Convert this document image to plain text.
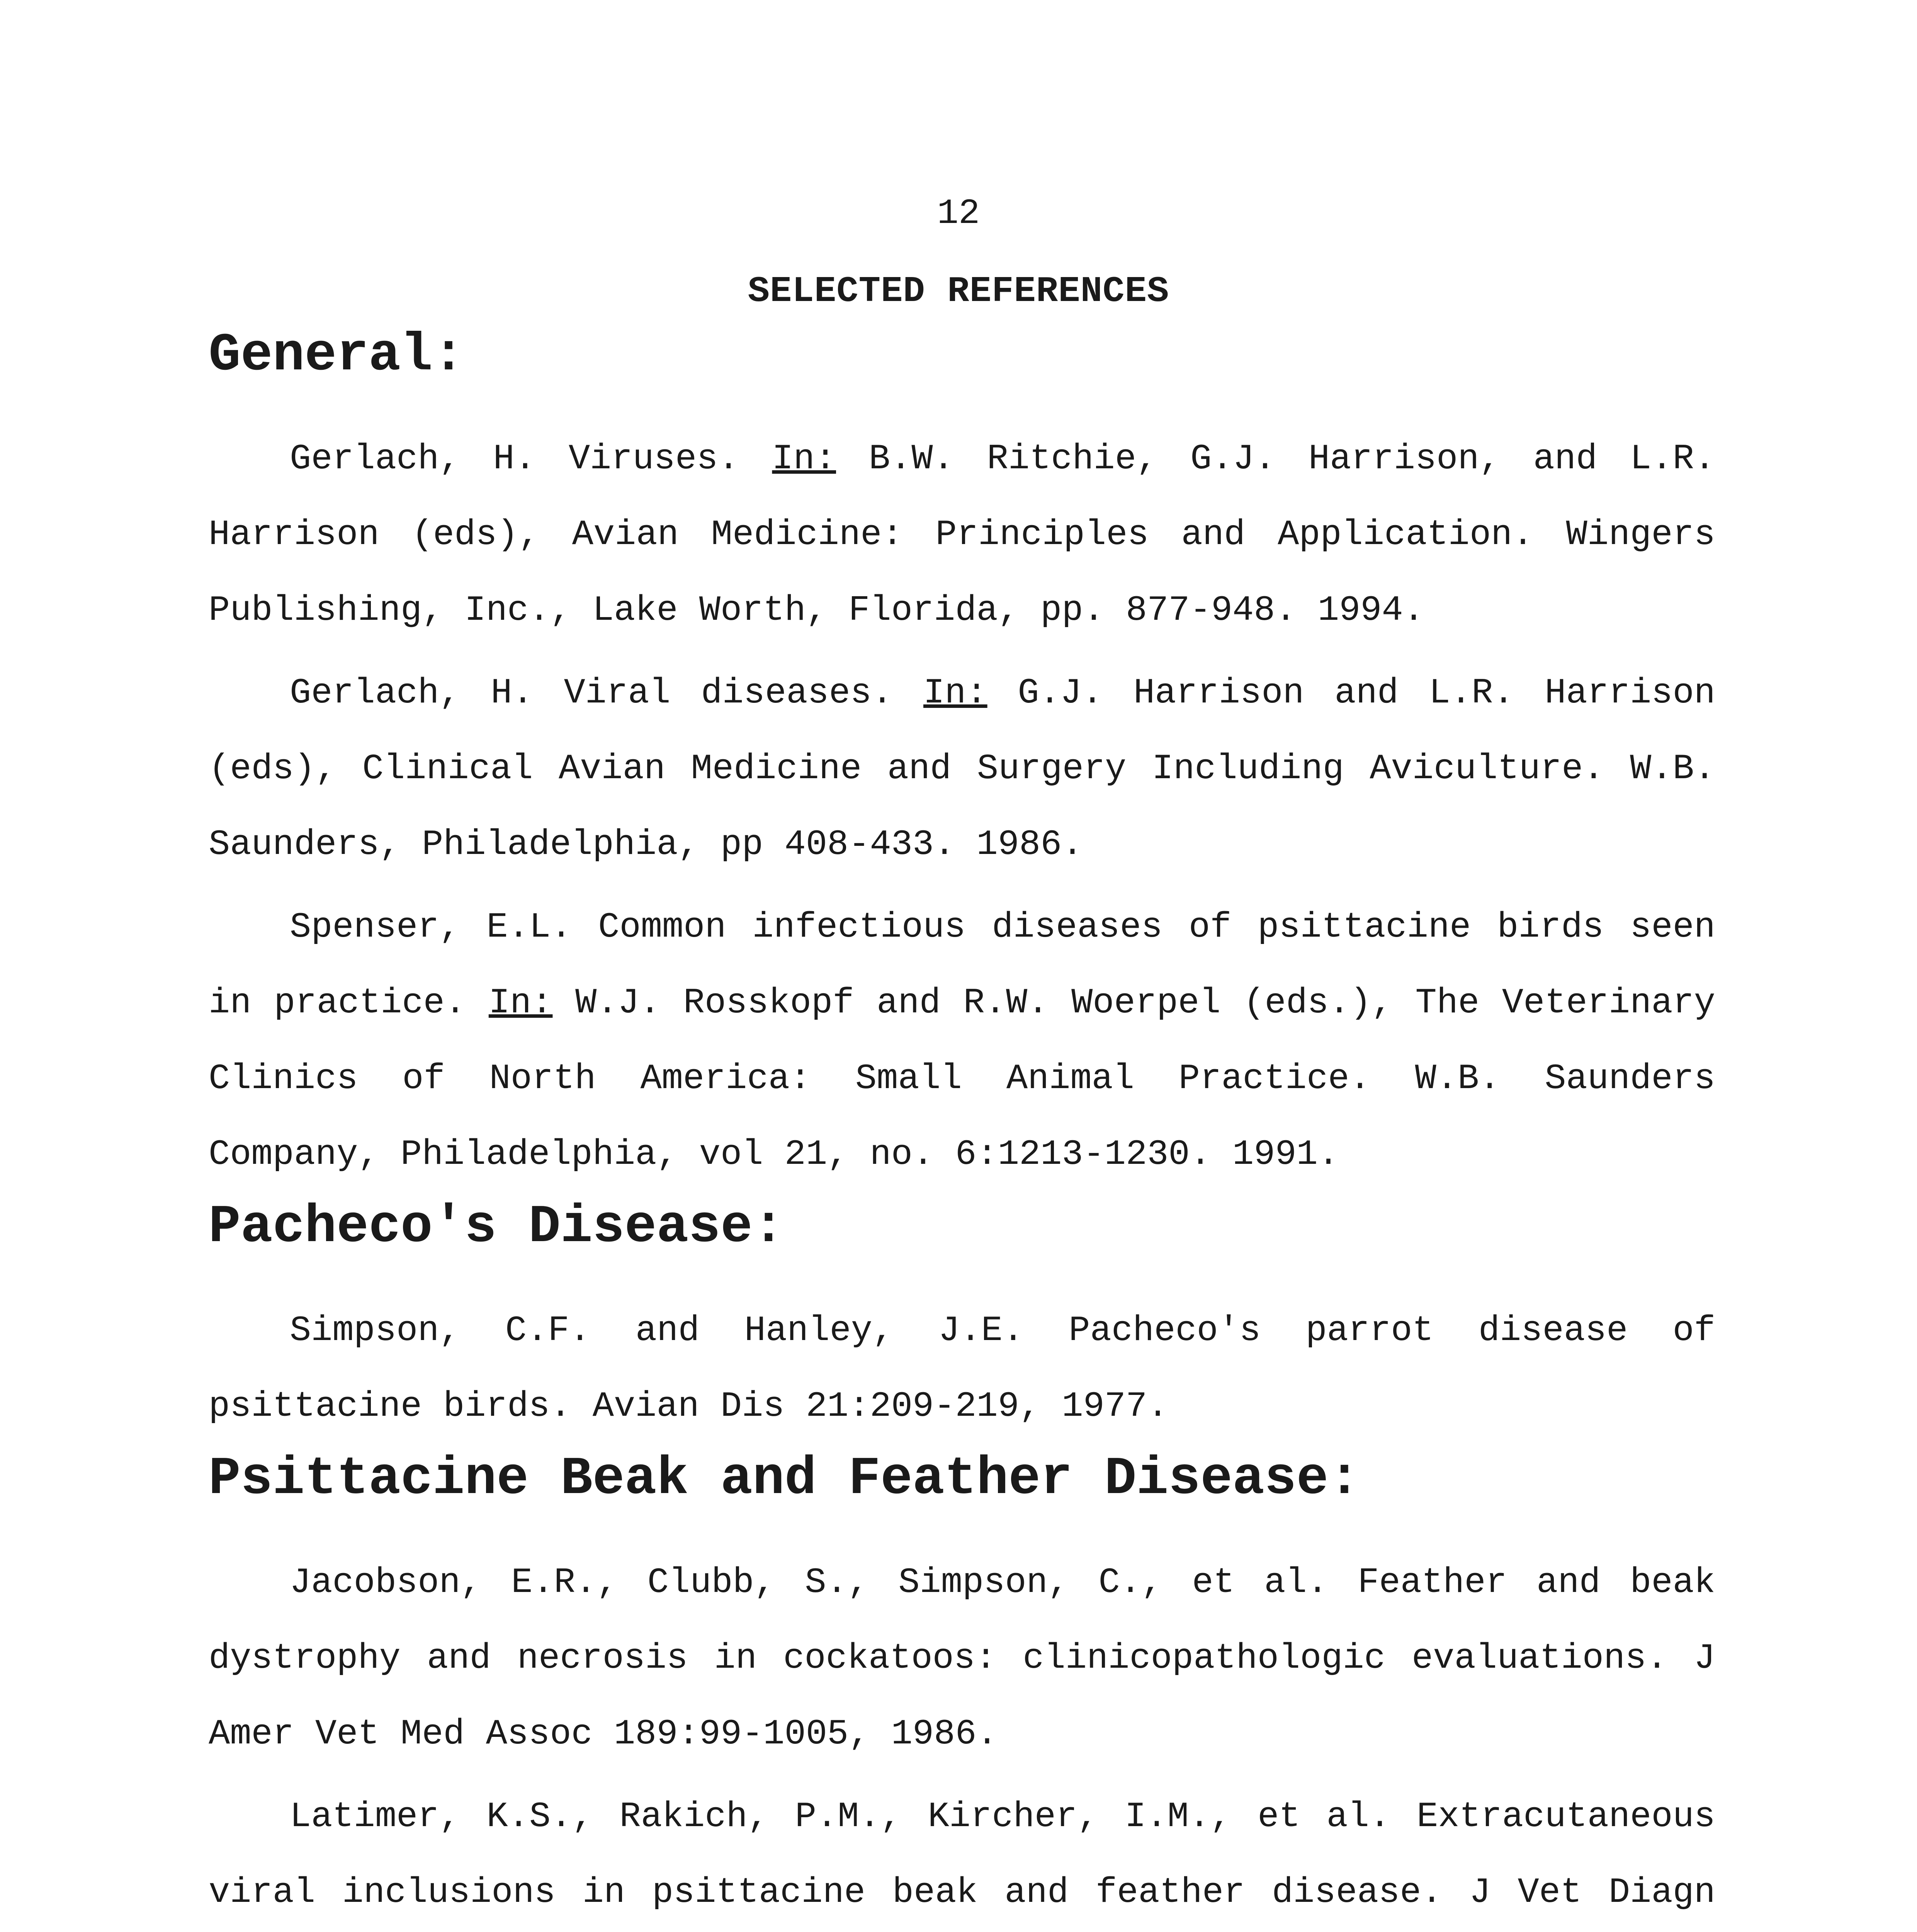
12

SELECTED REFERENCES
General:

Gerlach, H. Viruses. In: B.W. Ritchie, G.J. Harrison, and L.R. Harrison (eds), Avian Medicine: Principles and Application. Wingers Publishing, Inc., Lake Worth, Florida, pp. 877-948. 1994.

Gerlach, H. Viral diseases. In: G.J. Harrison and L.R. Harrison (eds), Clinical Avian Medicine and Surgery Including Aviculture. W.B. Saunders, Philadelphia, pp 408-433. 1986.

Spenser, E.L. Common infectious diseases of psittacine birds seen in practice. In: W.J. Rosskopf and R.W. Woerpel (eds.), The Veterinary Clinics of North America: Small Animal Practice. W.B. Saunders Company, Philadelphia, vol 21, no. 6:1213-1230. 1991.

Pacheco's Disease:

Simpson, C.F. and Hanley, J.E. Pacheco's parrot disease of psittacine birds. Avian Dis 21:209-219, 1977.

Psittacine Beak and Feather Disease:

Jacobson, E.R., Clubb, S., Simpson, C., et al. Feather and beak dystrophy and necrosis in cockatoos: clinicopathologic evaluations. J Amer Vet Med Assoc 189:99-1005, 1986.

Latimer, K.S., Rakich, P.M., Kircher, I.M., et al. Extracutaneous viral inclusions in psittacine beak and feather disease. J Vet Diagn
